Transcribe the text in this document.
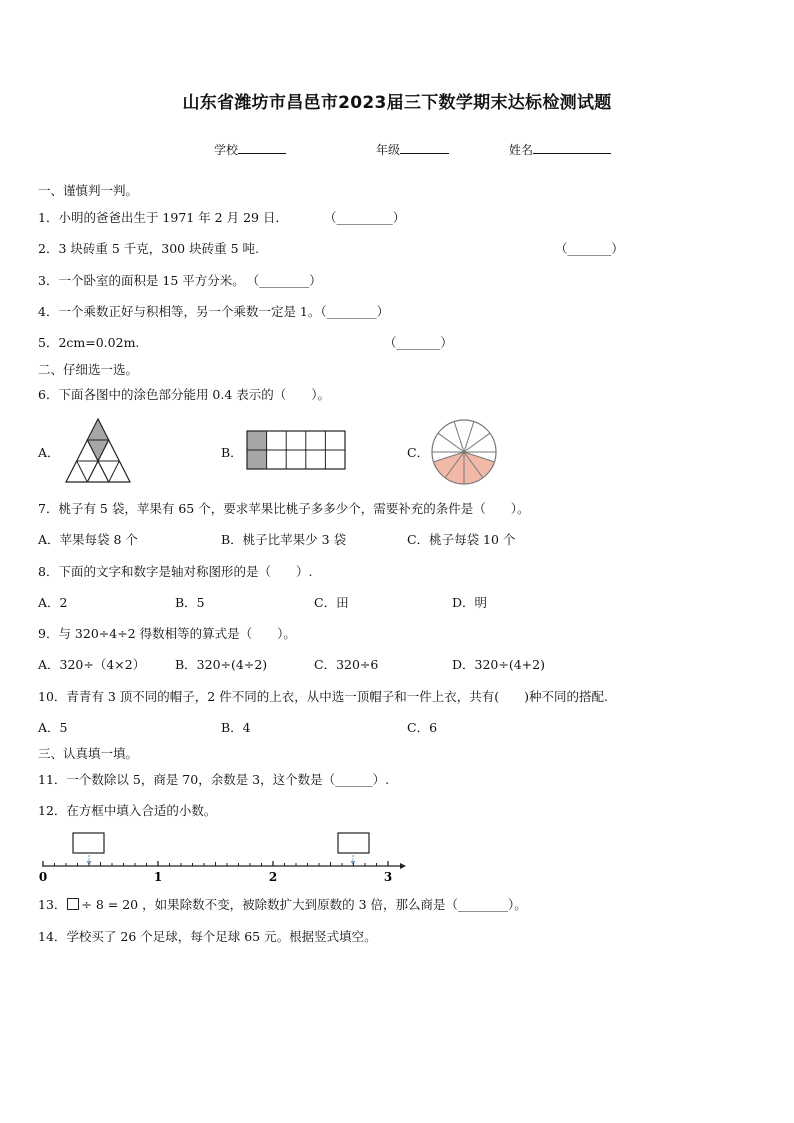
山东省潍坊市昌邑市2023届三下数学期末达标检测试题
学校	年级	姓名
一、谨慎判一判。
1．小明的爸爸出生于 1971 年 2 月 29 日．	（_________）
2．3 块砖重 5 千克，300 块砖重 5 吨.	（_______）
3．一个卧室的面积是 15 平方分米。 （________）
4．一个乘数正好与积相等，另一个乘数一定是 1。（________）
5．2cm=0.02m.	（_______）
二、仔细选一选。
6．下面各图中的涂色部分能用 0.4 表示的（　　）。
A．	B．	C．
7．桃子有 5 袋，苹果有 65 个，要求苹果比桃子多多少个，需要补充的条件是（　　）。
A．苹果每袋 8 个	B．桃子比苹果少 3 袋	C．桃子每袋 10 个
8．下面的文字和数字是轴对称图形的是（　　）.
A．2	B．5	C．田	D．明
9．与 320÷4÷2 得数相等的算式是（　　）。
A．320÷（4×2） B．320÷(4÷2)	C．320÷6	D．320÷(4+2)
10．青青有 3 顶不同的帽子，2 件不同的上衣，从中选一顶帽子和一件上衣，共有(　　)种不同的搭配.
A．5	B．4	C．6
三、认真填一填。
11．一个数除以 5，商是 70，余数是 3，这个数是（______）.
12．在方框中填入合适的小数。
0	1	2	3
13． ÷ 8 = 20 ，如果除数不变，被除数扩大到原数的 3 倍，那么商是（________）。
14．学校买了 26 个足球，每个足球 65 元。根据竖式填空。
